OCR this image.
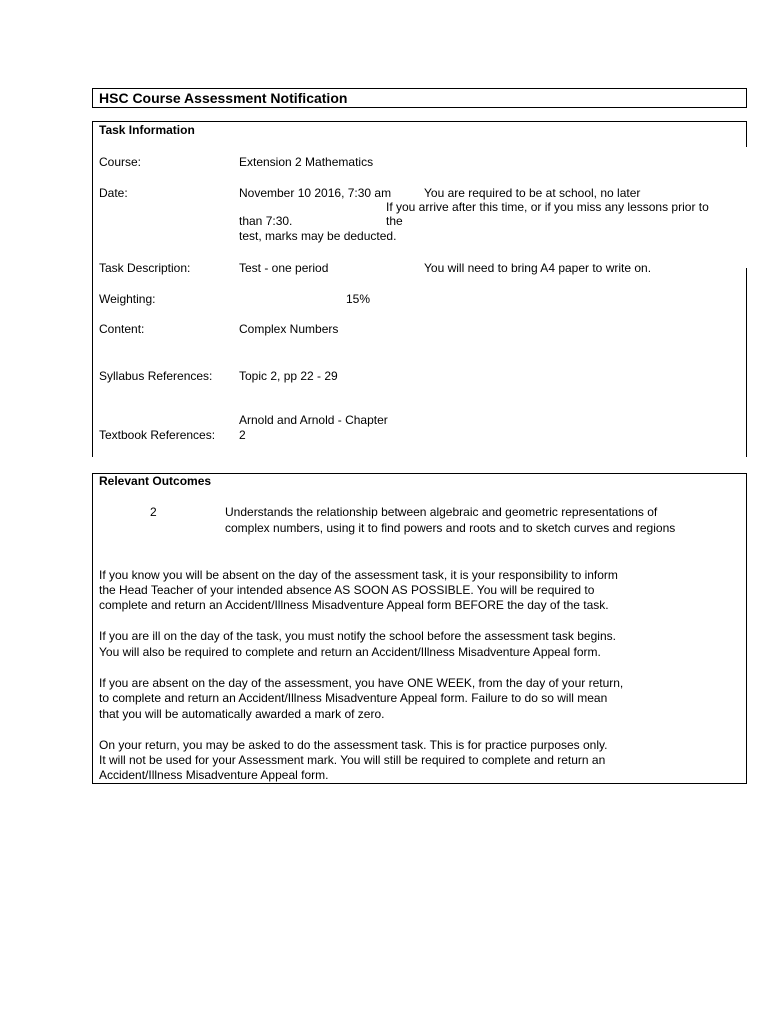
HSC Course Assessment Notification
Task Information
Course:	Extension 2 Mathematics
Date:	November 10 2016, 7:30 am	You are required to be at school, no later
If you arrive after this time, or if you miss any lessons prior to
than 7:30.	the
test, marks may be deducted.
Task Description:	Test - one period	You will need to bring A4 paper to write on.
Weighting:	15%
Content:	Complex Numbers
Syllabus References: Topic 2, pp 22 - 29
Arnold and Arnold - Chapter
Textbook References: 2
Relevant Outcomes
2	Understands the relationship between algebraic and geometric representations of
complex numbers, using it to find powers and roots and to sketch curves and regions
If you know you will be absent on the day of the assessment task, it is your responsibility to inform
the Head Teacher of your intended absence AS SOON AS POSSIBLE. You will be required to
complete and return an Accident/Illness Misadventure Appeal form BEFORE the day of the task.
If you are ill on the day of the task, you must notify the school before the assessment task begins.
You will also be required to complete and return an Accident/Illness Misadventure Appeal form.
If you are absent on the day of the assessment, you have ONE WEEK, from the day of your return,
to complete and return an Accident/Illness Misadventure Appeal form. Failure to do so will mean
that you will be automatically awarded a mark of zero.
On your return, you may be asked to do the assessment task. This is for practice purposes only.
It will not be used for your Assessment mark. You will still be required to complete and return an
Accident/Illness Misadventure Appeal form.
